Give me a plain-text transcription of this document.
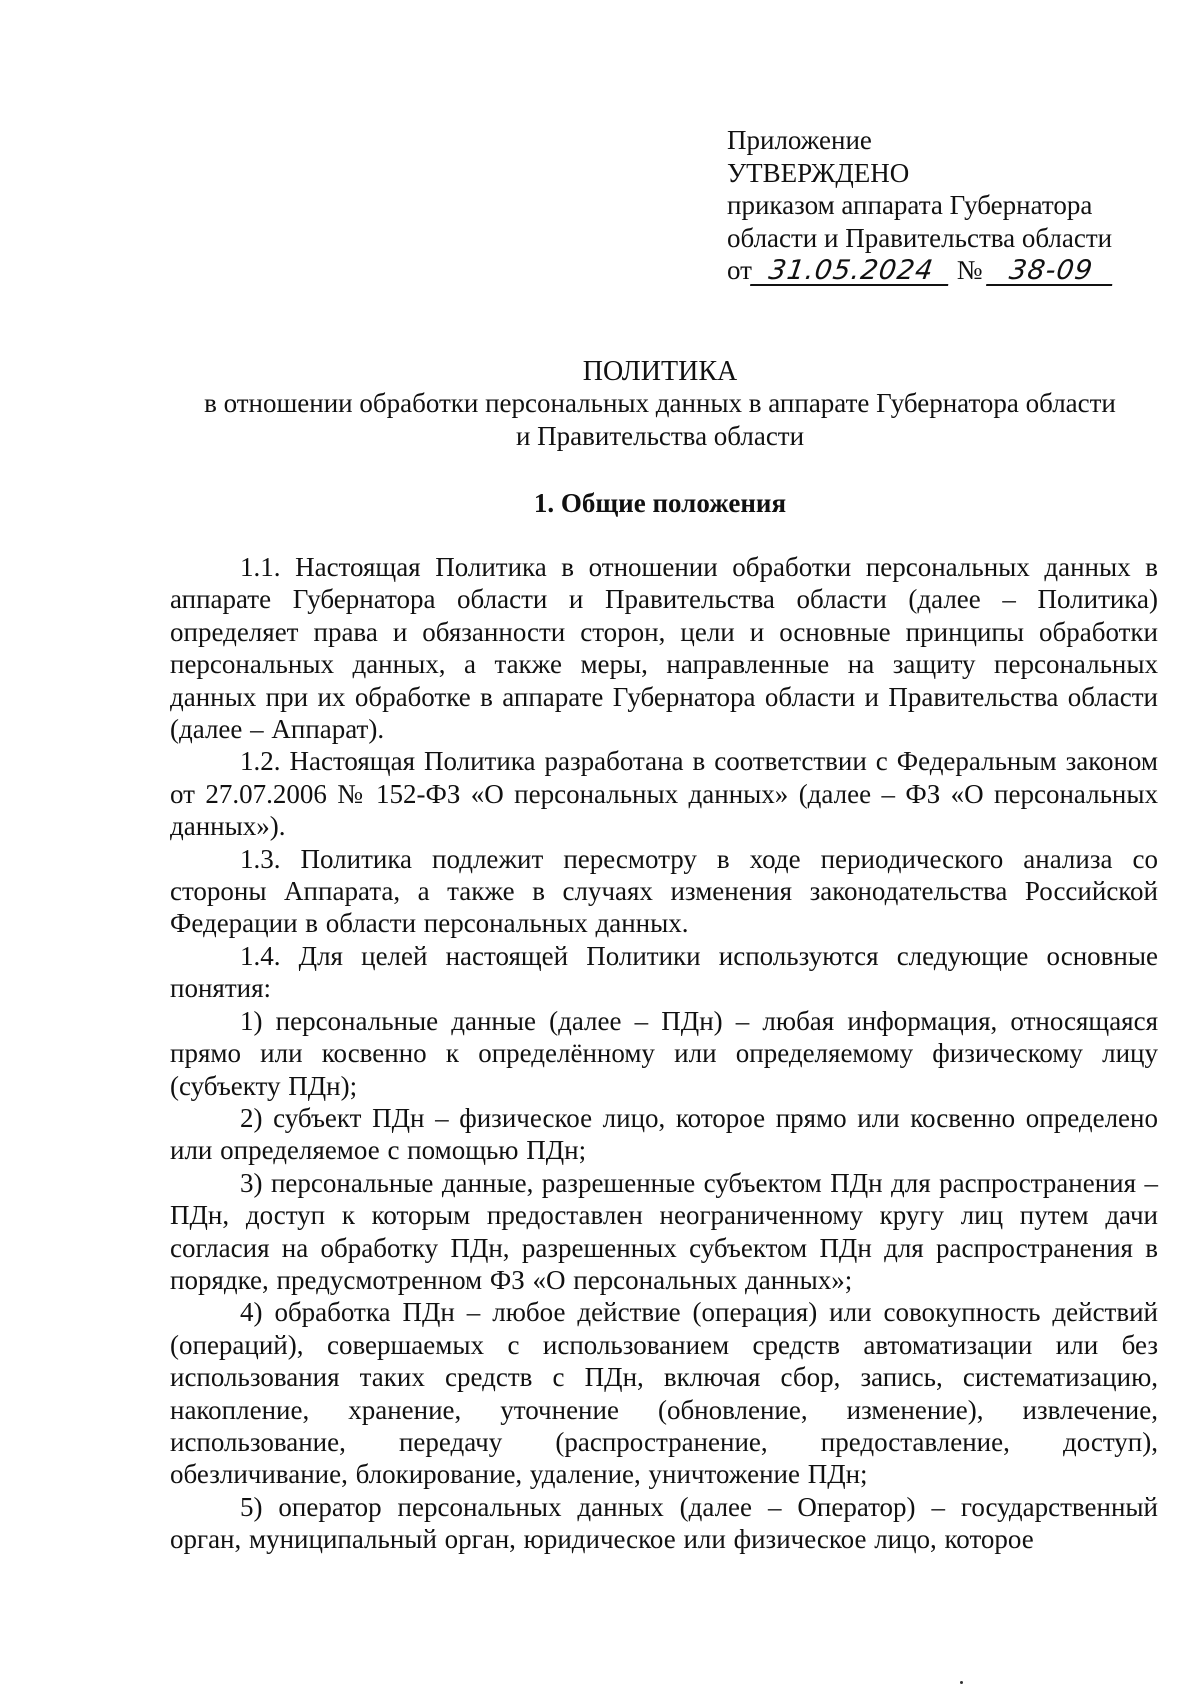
Приложение
УТВЕРЖДЕНО
приказом аппарата Губернатора
области и Правительства области
от 31.05.2024 № 38-09
ПОЛИТИКА
в отношении обработки персональных данных в аппарате Губернатора области
и Правительства области
1. Общие положения

1.1. Настоящая Политика в отношении обработки персональных данных в аппарате Губернатора области и Правительства области (далее – Политика) определяет права и обязанности сторон, цели и основные принципы обработки персональных данных, а также меры, направленные на защиту персональных данных при их обработке в аппарате Губернатора области и Правительства области (далее – Аппарат).

1.2. Настоящая Политика разработана в соответствии с Федеральным законом от 27.07.2006 № 152-ФЗ «О персональных данных» (далее – ФЗ «О персональных данных»).

1.3. Политика подлежит пересмотру в ходе периодического анализа со стороны Аппарата, а также в случаях изменения законодательства Российской Федерации в области персональных данных.

1.4. Для целей настоящей Политики используются следующие основные понятия:

1) персональные данные (далее – ПДн) – любая информация, относящаяся прямо или косвенно к определённому или определяемому физическому лицу (субъекту ПДн);

2) субъект ПДн – физическое лицо, которое прямо или косвенно определено или определяемое с помощью ПДн;

3) персональные данные, разрешенные субъектом ПДн для распространения – ПДн, доступ к которым предоставлен неограниченному кругу лиц путем дачи согласия на обработку ПДн, разрешенных субъектом ПДн для распространения в порядке, предусмотренном ФЗ «О персональных данных»;

4) обработка ПДн – любое действие (операция) или совокупность действий (операций), совершаемых с использованием средств автоматизации или без использования таких средств с ПДн, включая сбор, запись, систематизацию, накопление, хранение, уточнение (обновление, изменение), извлечение, использование, передачу (распространение, предоставление, доступ), обезличивание, блокирование, удаление, уничтожение ПДн;

5) оператор персональных данных (далее – Оператор) – государственный орган, муниципальный орган, юридическое или физическое лицо, которое
